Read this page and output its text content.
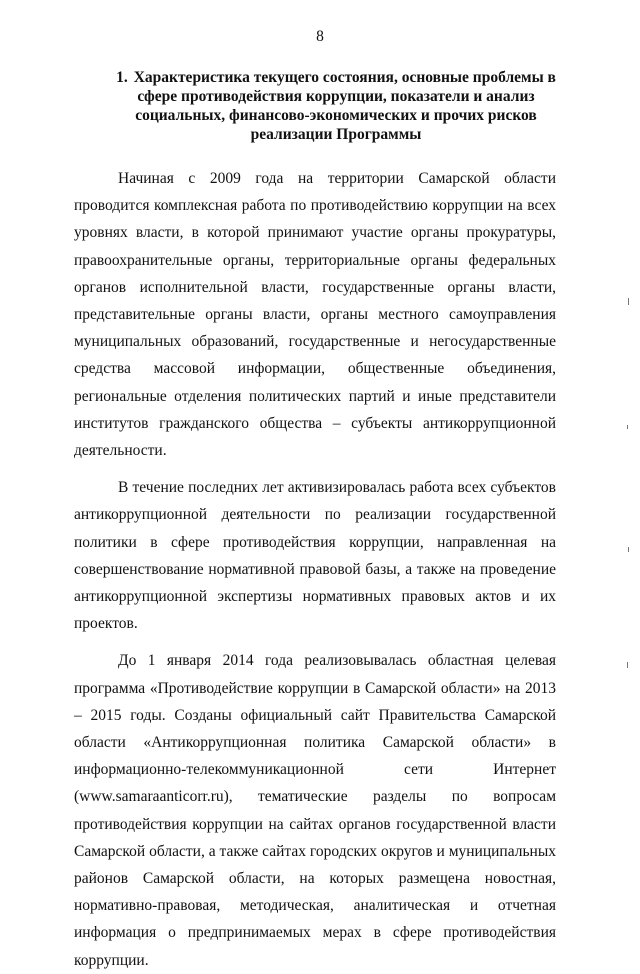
8
1. Характеристика текущего состояния, основные проблемы в сфере противодействия коррупции, показатели и анализ социальных, финансово-экономических и прочих рисков реализации Программы

Начиная с 2009 года на территории Самарской области проводится комплексная работа по противодействию коррупции на всех уровнях власти, в которой принимают участие органы прокуратуры, правоохранительные органы, территориальные органы федеральных органов исполнительной власти, государственные органы власти, представительные органы власти, органы местного самоуправления муниципальных образований, государственные и негосударственные средства массовой информации, общественные объединения, региональные отделения политических партий и иные представители институтов гражданского общества – субъекты антикоррупционной деятельности.

В течение последних лет активизировалась работа всех субъектов антикоррупционной деятельности по реализации государственной политики в сфере противодействия коррупции, направленная на совершенствование нормативной правовой базы, а также на проведение антикоррупционной экспертизы нормативных правовых актов и их проектов.

До 1 января 2014 года реализовывалась областная целевая программа «Противодействие коррупции в Самарской области» на 2013 – 2015 годы. Созданы официальный сайт Правительства Самарской области «Антикоррупционная политика Самарской области» в информационно-телекоммуникационной сети Интернет (www.samaraanticorr.ru), тематические разделы по вопросам противодействия коррупции на сайтах органов государственной власти Самарской области, а также сайтах городских округов и муниципальных районов Самарской области, на которых размещена новостная, нормативно-правовая, методическая, аналитическая и отчетная информация о предпринимаемых мерах в сфере противодействия коррупции.
